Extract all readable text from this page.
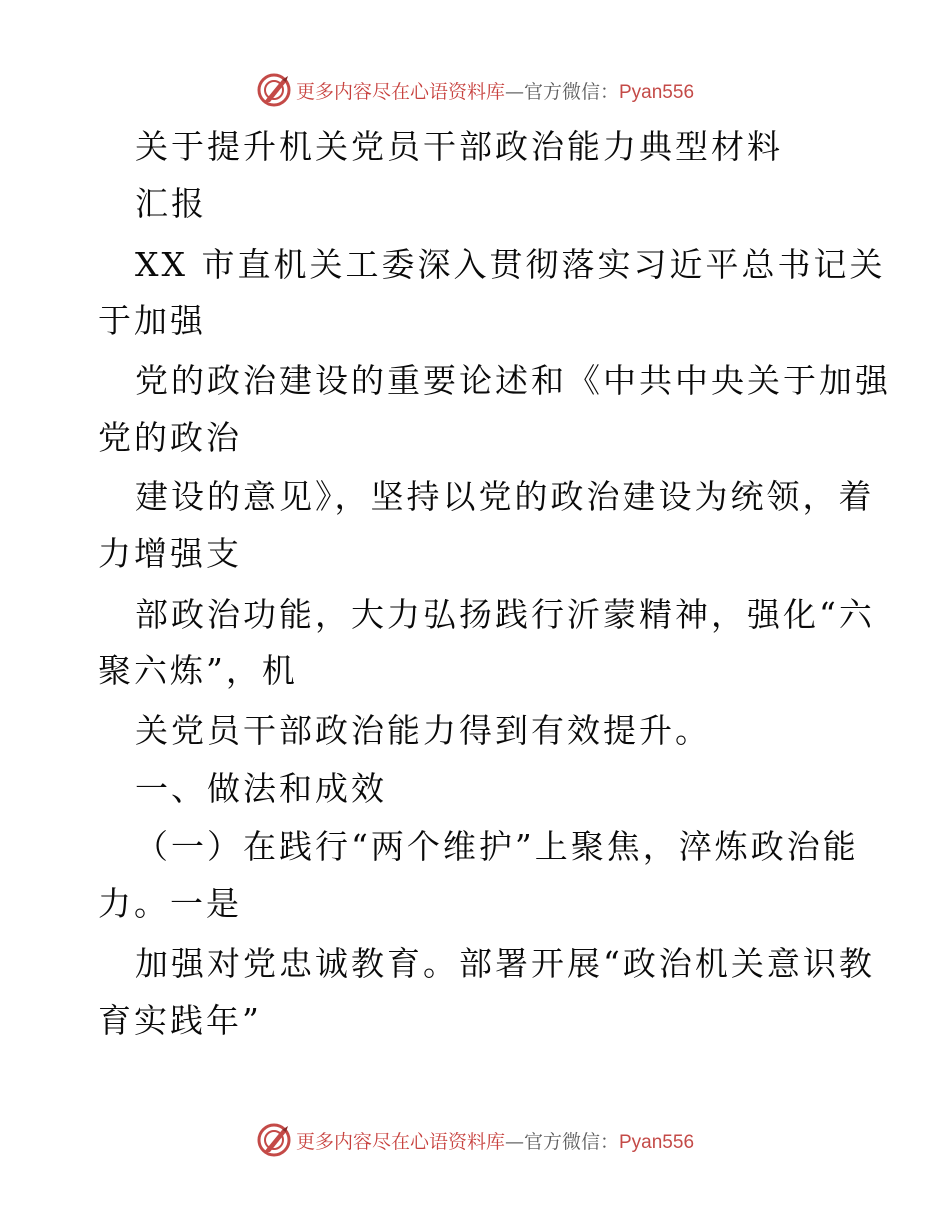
更多内容尽在心语资料库—官方微信：Pyan556
关于提升机关党员干部政治能力典型材料
汇报
XX 市直机关工委深入贯彻落实习近平总书记关
于加强
党的政治建设的重要论述和《中共中央关于加强
党的政治
建设的意见》，坚持以党的政治建设为统领，着
力增强支
部政治功能，大力弘扬践行沂蒙精神，强化“六
聚六炼”，机
关党员干部政治能力得到有效提升。
一、做法和成效
（一）在践行“两个维护”上聚焦，淬炼政治能
力。一是
加强对党忠诚教育。部署开展“政治机关意识教
育实践年”
更多内容尽在心语资料库—官方微信：Pyan556
